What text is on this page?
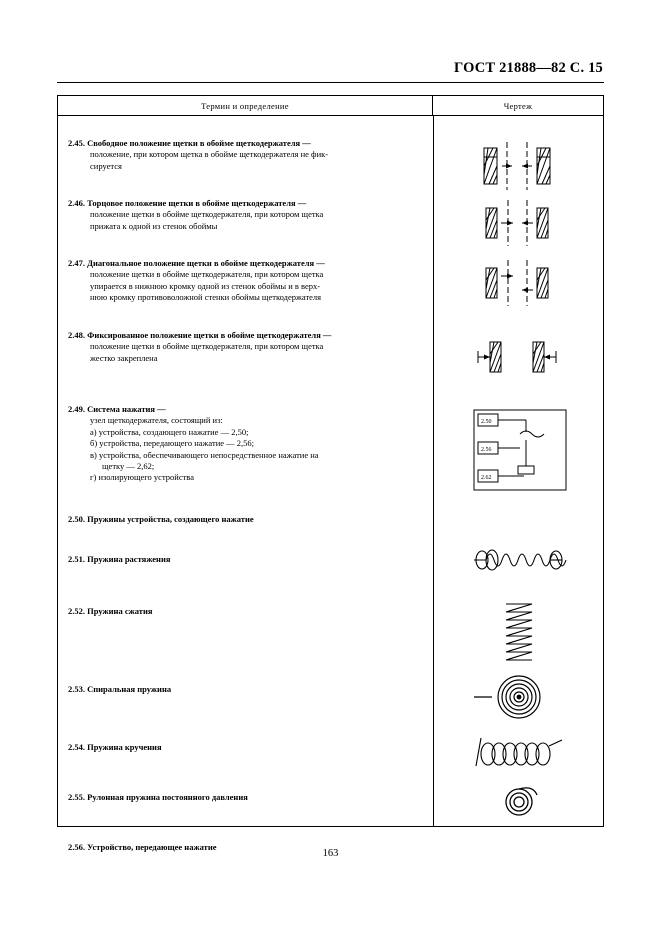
ГОСТ 21888—82 С. 15
Термин и определение	Чертеж
2.45. Свободное положение щетки в обойме щеткодержателя —
положение, при котором щетка в обойме щеткодержателя не фик-
сируется
2.46. Торцовое положение щетки в обойме щеткодержателя —
положение щетки в обойме щеткодержателя, при котором щетка
прижата к одной из стенок обоймы
2.47. Диагональное положение щетки в обойме щеткодержателя —
положение щетки в обойме щеткодержателя, при котором щетка
упирается в нижнюю кромку одной из стенок обоймы и в верх-
нюю кромку противоволожной стенки обоймы щеткодержателя
2.48. Фиксированное положение щетки в обойме щеткодержателя —
положение щетки в обойме щеткодержателя, при котором щетка
жестко закреплена
2.49. Система нажатия —
узел щеткодержателя, состоящий из:
а) устройства, создающего нажатие — 2,50;
б) устройства, передающего нажатие — 2,56;
в) устройства, обеспечивающего непосредственное нажатие на
щетку — 2,62;
г) изолирующего устройства
2.50
2.56
2.62
2.50. Пружины устройства, создающего нажатие
2.51. Пружина растяжения
2.52. Пружина сжатия
2.53. Спиральная пружина
2.54. Пружина кручения
2.55. Рулонная пружина постоянного давления
2.56. Устройство, передающее нажатие
163
